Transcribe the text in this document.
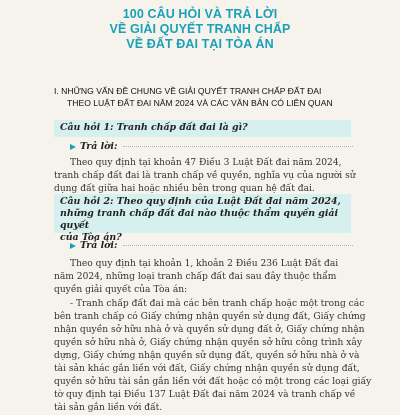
100 CÂU HỎI VÀ TRẢ LỜI
VỀ GIẢI QUYẾT TRANH CHẤP
VỀ ĐẤT ĐAI TẠI TÒA ÁN
I. NHỮNG VẤN ĐỀ CHUNG VỀ GIẢI QUYẾT TRANH CHẤP ĐẤT ĐAI
THEO LUẬT ĐẤT ĐAI NĂM 2024 VÀ CÁC VĂN BẢN CÓ LIÊN QUAN
Câu hỏi 1: Tranh chấp đất đai là gì?
Trả lời:
Theo quy định tại khoản 47 Điều 3 Luật Đất đai năm 2024,
tranh chấp đất đai là tranh chấp về quyền, nghĩa vụ của người sử
dụng đất giữa hai hoặc nhiều bên trong quan hệ đất đai.
Câu hỏi 2: Theo quy định của Luật Đất đai năm 2024,
những tranh chấp đất đai nào thuộc thẩm quyền giải quyết
của Tòa án?
Trả lời:
Theo quy định tại khoản 1, khoản 2 Điều 236 Luật Đất đai
năm 2024, những loại tranh chấp đất đai sau đây thuộc thẩm
quyền giải quyết của Tòa án:
- Tranh chấp đất đai mà các bên tranh chấp hoặc một trong các
bên tranh chấp có Giấy chứng nhận quyền sử dụng đất, Giấy chứng
nhận quyền sở hữu nhà ở và quyền sử dụng đất ở, Giấy chứng nhận
quyền sở hữu nhà ở, Giấy chứng nhận quyền sở hữu công trình xây
dựng, Giấy chứng nhận quyền sử dụng đất, quyền sở hữu nhà ở và
tài sản khác gắn liền với đất, Giấy chứng nhận quyền sử dụng đất,
quyền sở hữu tài sản gắn liền với đất hoặc có một trong các loại giấy
tờ quy định tại Điều 137 Luật Đất đai năm 2024 và tranh chấp về
tài sản gắn liền với đất.
